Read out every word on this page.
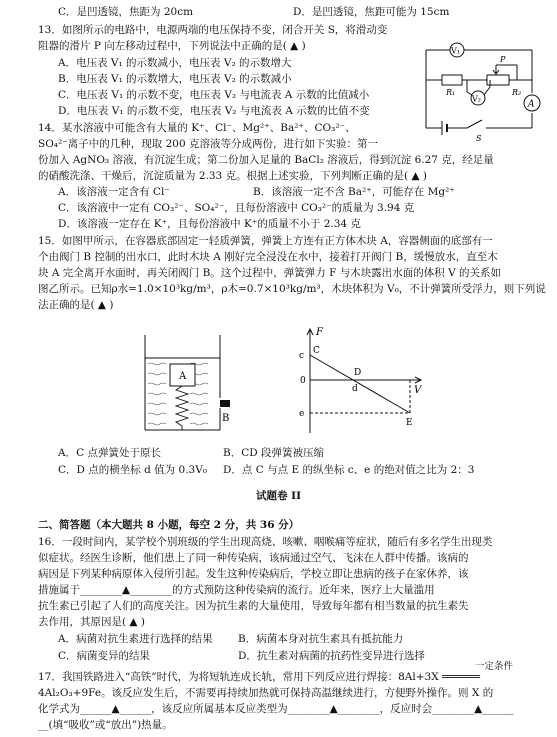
C．是凹透镜，焦距为 20cm	D．是凹透镜，焦距可能为 15cm
13．如图所示的电路中，电源两端的电压保持不变，闭合开关 S，将滑动变
阻器的滑片 P 向左移动过程中，下列说法中正确的是( ▲ )
A．电压表 V₁ 的示数减小，电压表 V₂ 的示数增大
B．电压表 V₁ 的示数增大，电压表 V₂ 的示数减小
C．电压表 V₁ 的示数不变，电压表 V₂ 与电流表 A 示数的比值减小
D．电压表 V₁ 的示数不变，电压表 V₂ 与电流表 A 示数的比值不变
14．某水溶液中可能含有大量的 K⁺、Cl⁻、Mg²⁺、Ba²⁺、CO₃²⁻、
SO₄²⁻离子中的几种，现取 200 克溶液等分成两份，进行如下实验：第一
份加入 AgNO₃ 溶液，有沉淀生成；第二份加入足量的 BaCl₂ 溶液后，得到沉淀 6.27 克，经足量
的硝酸洗涤、干燥后，沉淀质量为 2.33 克。根据上述实验，下列判断正确的是( ▲ )
A．该溶液一定含有 Cl⁻	B．该溶液一定不含 Ba²⁺，可能存在 Mg²⁺
C．该溶液中一定有 CO₃²⁻、SO₄²⁻，且每份溶液中 CO₃²⁻的质量为 3.94 克
D．该溶液一定存在 K⁺，且每份溶液中 K⁺的质量不小于 2.34 克
15．如图甲所示，在容器底部固定一轻质弹簧，弹簧上方连有正方体木块 A，容器侧面的底部有一
个由阀门 B 控制的出水口，此时木块 A 刚好完全浸没在水中，接着打开阀门 B，缓慢放水，直至木
块 A 完全离开水面时，再关闭阀门 B。这个过程中，弹簧弹力 F 与木块露出水面的体积 V 的关系如
图乙所示。已知ρ水=1.0×10³kg/m³，ρ木=0.7×10³kg/m³，木块体积为 V₀，不计弹簧所受浮力，则下列说
法正确的是( ▲ )
A．C 点弹簧处于原长	B．CD 段弹簧被压缩
C．D 点的横坐标 d 值为 0.3V₀ D．点 C 与点 E 的纵坐标 c、e 的绝对值之比为 2：3
试题卷 II
二、简答题（本大题共 8 小题，每空 2 分，共 36 分）
16．一段时间内，某学校个别班级的学生出现高烧、咳嗽、咽喉痛等症状，随后有多名学生出现类
似症状。经医生诊断，他们患上了同一种传染病，该病通过空气、飞沫在人群中传播。该病的
病因是下列某种病原体入侵所引起。发生这种传染病后，学校立即让患病的孩子在家休养，该
措施属于________▲________的方式预防这种传染病的流行。近年来，医疗上大量滥用
抗生素已引起了人们的高度关注。因为抗生素的大量使用，导致每年都有相当数量的抗生素失
去作用，其原因是( ▲ )
A．病菌对抗生素进行选择的结果 B．病菌本身对抗生素具有抵抗能力
C．病菌变异的结果	D．抗生素对病菌的抗药性变异进行选择
17．我国铁路进入“高铁”时代，为将短轨连成长轨，常用下列反应进行焊接：8Al+3X ══════
4Al₂O₃+9Fe。该反应发生后，不需要再持续加热就可保持高温继续进行，方便野外操作。则 X 的
化学式为______▲______，该反应所属基本反应类型为________▲________，反应时会________▲______
__(填“吸收”或“放出”)热量。
一定条件
V₁
V₂
A
R₁	R₂
P
S
A
B
F
V
c
0
e
C
D
d
E
